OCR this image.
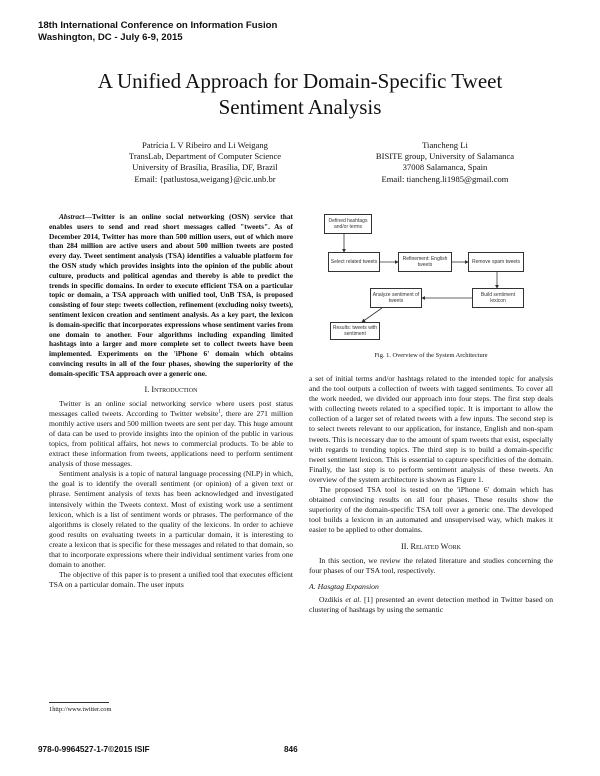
18th International Conference on Information Fusion
Washington, DC - July 6-9, 2015
A Unified Approach for Domain-Specific Tweet
Sentiment Analysis
Patrícia L V Ribeiro and Li Weigang
TransLab, Department of Computer Science
University of Brasília, Brasília, DF, Brazil
Email: {patlustosa,weigang}@cic.unb.br
Tiancheng Li
BISITE group, University of Salamanca
37008 Salamanca, Spain
Email: tiancheng.li1985@gmail.com

Abstract—Twitter is an online social networking (OSN) service that enables users to send and read short messages called "tweets". As of December 2014, Twitter has more than 500 million users, out of which more than 284 million are active users and about 500 million tweets are posted every day. Tweet sentiment analysis (TSA) identifies a valuable platform for the OSN study which provides insights into the opinion of the public about culture, products and political agendas and thereby is able to predict the trends in specific domains. In order to execute efficient TSA on a particular topic or domain, a TSA approach with unified tool, UnB TSA, is proposed consisting of four step: tweets collection, refinement (excluding noisy tweets), sentiment lexicon creation and sentiment analysis. As a key part, the lexicon is domain-specific that incorporates expressions whose sentiment varies from one domain to another. Four algorithms including expanding limited hashtags into a larger and more complete set to collect tweets have been implemented. Experiments on the 'iPhone 6' domain which obtains convincing results in all of the four phases, showing the superiority of the domain-specific TSA approach over a generic one.

I. Introduction

Twitter is an online social networking service where users post status messages called tweets. According to Twitter website$^1$, there are 271 million monthly active users and 500 million tweets are sent per day. This huge amount of data can be used to provide insights into the opinion of the public in various topics, from political affairs, hot news to commercial products. To be able to extract these information from tweets, applications need to perform sentiment analysis of those messages.

Sentiment analysis is a topic of natural language processing (NLP) in which, the goal is to identify the overall sentiment (or opinion) of a given text or phrase. Sentiment analysis of texts has been acknowledged and investigated intensively within the Tweets context. Most of existing work use a sentiment lexicon, which is a list of sentiment words or phrases. The performance of the algorithms is closely related to the quality of the lexicons. In order to achieve good results on evaluating tweets in a particular domain, it is interesting to create a lexicon that is specific for these messages and related to that domain, so that to incorporate expressions where their individual sentiment varies from one domain to another.

The objective of this paper is to present a unified tool that executes efficient TSA on a particular domain. The user inputs

1http://www.twitter.com
Defined hashtags and/or terms
Select related tweets	Refinement: English tweets	Remove spam tweets
Analyze sentiment of tweets
Build sentiment lexicon
Results: tweets with sentiment
Fig. 1. Overview of the System Architecture

a set of initial terms and/or hashtags related to the intended topic for analysis and the tool outputs a collection of tweets with tagged sentiments. To cover all the work needed, we divided our approach into four steps. The first step deals with collecting tweets related to a specified topic. It is important to allow the collection of a larger set of related tweets with a few inputs. The second step is to select tweets relevant to our application, for instance, English and non-spam tweets. This is necessary due to the amount of spam tweets that exist, especially with regards to trending topics. The third step is to build a domain-specific tweet sentiment lexicon. This is essential to capture specificities of the domain. Finally, the last step is to perform sentiment analysis of these tweets. An overview of the system architecture is shown as Figure 1.

The proposed TSA tool is tested on the 'iPhone 6' domain which has obtained convincing results on all four phases. These results show the superiority of the domain-specific TSA toll over a generic one. The developed tool builds a lexicon in an automated and unsupervised way, which makes it easier to be applied to other domains.

II. Related Work

In this section, we review the related literature and studies concerning the four phases of our TSA tool, respectively.

A. Hasgtag Expansion

Ozdikis et al. [1] presented an event detection method in Twitter based on clustering of hashtags by using the semantic

978-0-9964527-1-7©2015 ISIF	846
